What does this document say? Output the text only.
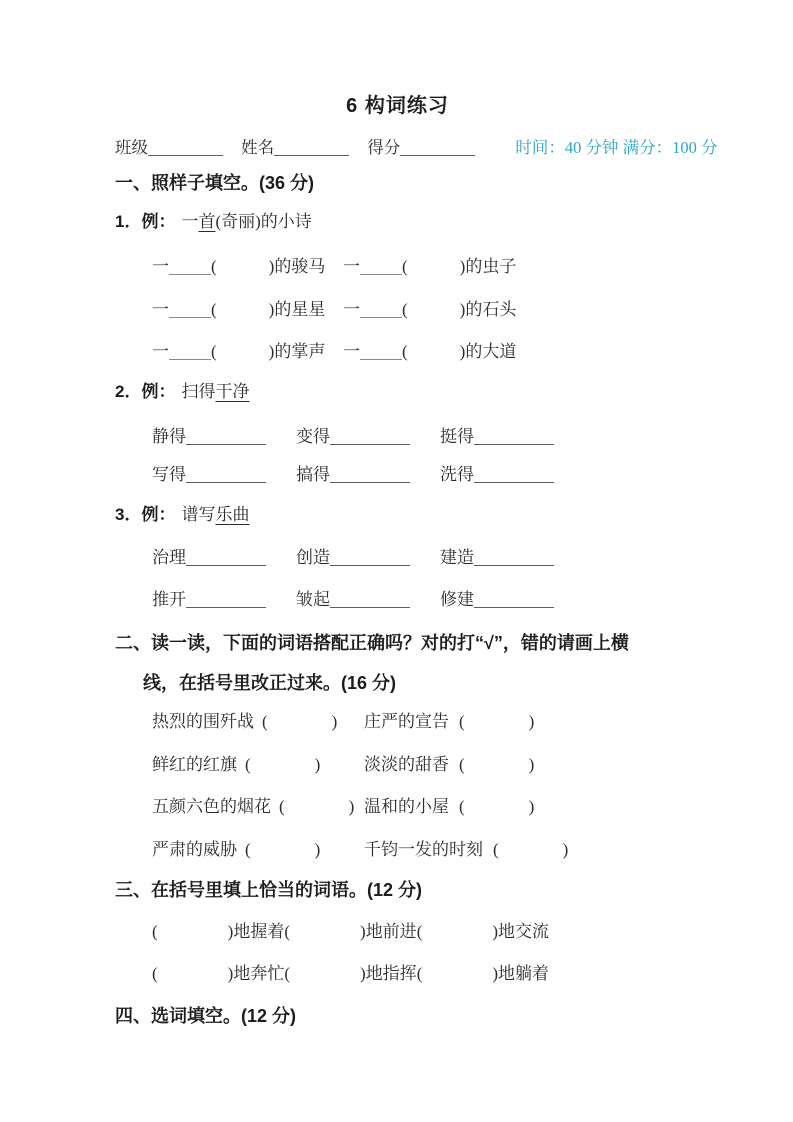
6 构词练习
班级	姓名	得分	时间：40 分钟 满分：100 分
一、照样子填空。(36 分)
1．例： 一首(奇丽)的小诗
一 (	)的骏马	一 (	)的虫子
一 (	)的星星	一 (	)的石头
一 (	)的掌声	一 (	)的大道
2．例： 扫得干净
静得	变得	挺得
写得	搞得	洗得
3．例： 谱写乐曲
治理	创造	建造
推开	皱起	修建
二、读一读，下面的词语搭配正确吗？对的打“√”，错的请画上横
线，在括号里改正过来。(16 分)
热烈的围歼战 (	)	庄严的宣告 (	)
鲜红的红旗 (	)	淡淡的甜香 (	)
五颜六色的烟花 (	) 温和的小屋 (	)
严肃的威胁 (	)	千钧一发的时刻 (	)
三、在括号里填上恰当的词语。(12 分)
(	)地握着(	)地前进(	)地交流
(	)地奔忙(	)地指挥(	)地躺着
四、选词填空。(12 分)
